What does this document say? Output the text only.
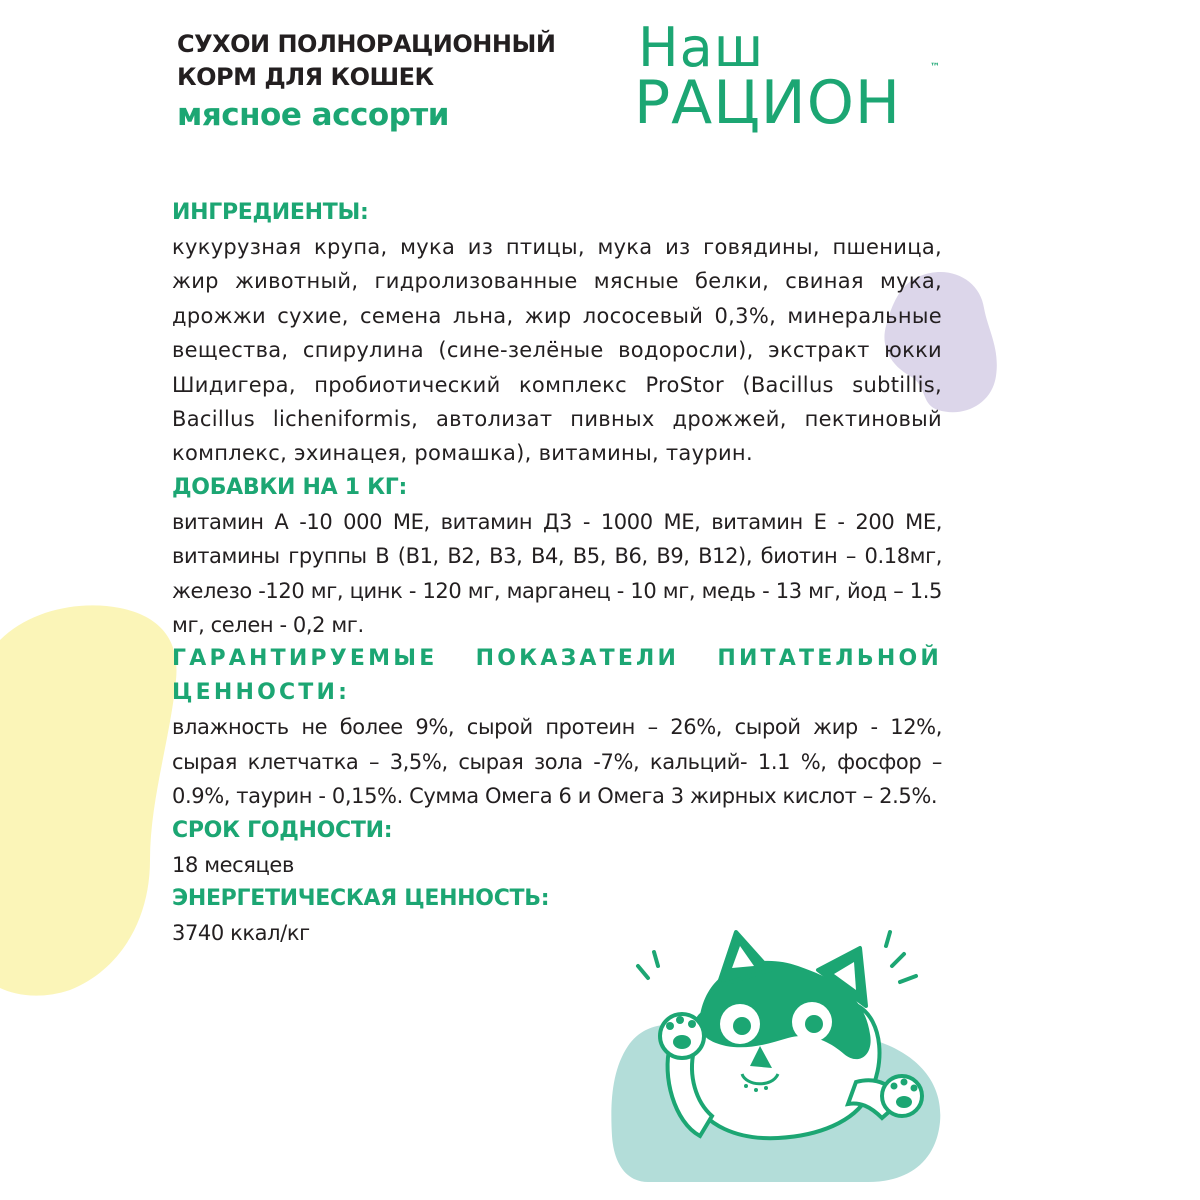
СУХОИ ПОЛНОРАЦИОННЫЙ
КОРМ ДЛЯ КОШЕК
мясное ассорти
Наш
РАЦИОН
™
ИНГРЕДИЕНТЫ:

кукурузная крупа, мука из птицы, мука из говядины, пшеница, жир животный, гидролизованные мясные белки, свиная мука, дрожжи сухие, семена льна, жир лососевый 0,3%, минеральные вещества, спирулина (сине-зелёные водоросли), экстракт юкки Шидигера, пробиотический комплекс ProStor (Bacillus subtillis, Bacillus licheniformis, автолизат пивных дрожжей, пектиновый комплекс, эхинацея, ромашка), витамины, таурин.

ДОБАВКИ НА 1 КГ:

витамин А -10 000 МЕ, витамин Д3 - 1000 МЕ, витамин Е - 200 МЕ, витамины группы В (В1, В2, В3, В4, В5, В6, В9, В12), биотин – 0.18мг, железо -120 мг, цинк - 120 мг, марганец - 10 мг, медь - 13 мг, йод – 1.5 мг, селен - 0,2 мг.

ГАРАНТИРУЕМЫЕ ПОКАЗАТЕЛИ ПИТАТЕЛЬНОЙ ЦЕННОСТИ:

влажность не более 9%, сырой протеин – 26%, сырой жир - 12%, сырая клетчатка – 3,5%, сырая зола -7%, кальций- 1.1 %, фосфор – 0.9%, таурин - 0,15%. Сумма Омега 6 и Омега 3 жирных кислот – 2.5%.

СРОК ГОДНОСТИ:

18 месяцев

ЭНЕРГЕТИЧЕСКАЯ ЦЕННОСТЬ:

3740 ккал/кг
